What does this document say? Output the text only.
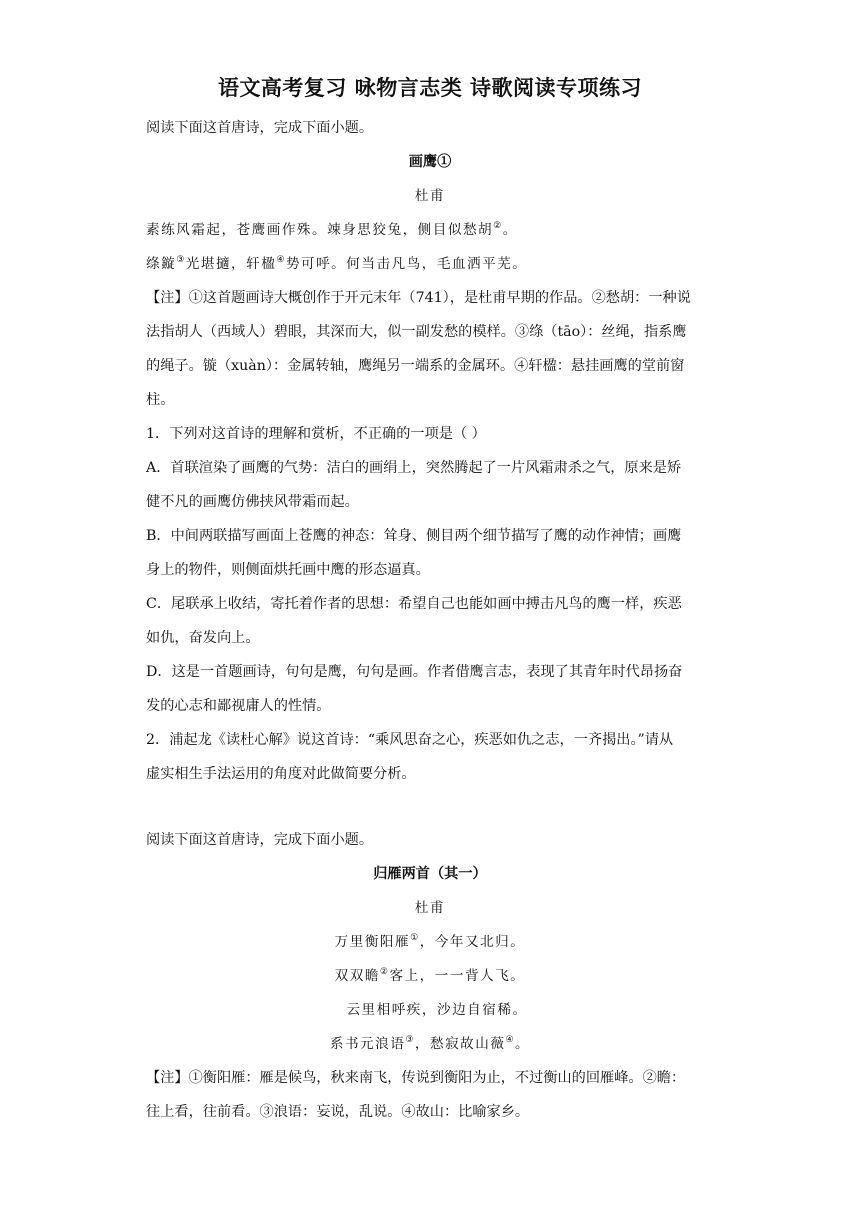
语文高考复习 咏物言志类 诗歌阅读专项练习
阅读下面这首唐诗，完成下面小题。
画鹰①
杜甫
素练风霜起，苍鹰画作殊。竦身思狡兔，侧目似愁胡②。
绦鏇③光堪擿，轩楹④势可呼。何当击凡鸟，毛血洒平芜。
【注】①这首题画诗大概创作于开元末年（741），是杜甫早期的作品。②愁胡：一种说
法指胡人（西域人）碧眼，其深而大，似一副发愁的模样。③绦（tāo）：丝绳，指系鹰
的绳子。镟（xuàn）：金属转轴，鹰绳另一端系的金属环。④轩楹：悬挂画鹰的堂前窗
柱。
1．下列对这首诗的理解和赏析，不正确的一项是（ ）
A．首联渲染了画鹰的气势：洁白的画绢上，突然腾起了一片风霜肃杀之气，原来是矫
健不凡的画鹰仿佛挟风带霜而起。
B．中间两联描写画面上苍鹰的神态：耸身、侧目两个细节描写了鹰的动作神情；画鹰
身上的物件，则侧面烘托画中鹰的形态逼真。
C．尾联承上收结，寄托着作者的思想：希望自己也能如画中搏击凡鸟的鹰一样，疾恶
如仇，奋发向上。
D．这是一首题画诗，句句是鹰，句句是画。作者借鹰言志，表现了其青年时代昂扬奋
发的心志和鄙视庸人的性情。
2．浦起龙《读杜心解》说这首诗：“乘风思奋之心，疾恶如仇之志，一齐揭出。”请从
虚实相生手法运用的角度对此做简要分析。
阅读下面这首唐诗，完成下面小题。
归雁两首（其一）
杜甫
万里衡阳雁①，今年又北归。
双双瞻②客上，一一背人飞。
云里相呼疾，沙边自宿稀。
系书元浪语③，愁寂故山薇④。
【注】①衡阳雁：雁是候鸟，秋来南飞，传说到衡阳为止，不过衡山的回雁峰。②瞻：
往上看，往前看。③浪语：妄说，乱说。④故山：比喻家乡。
